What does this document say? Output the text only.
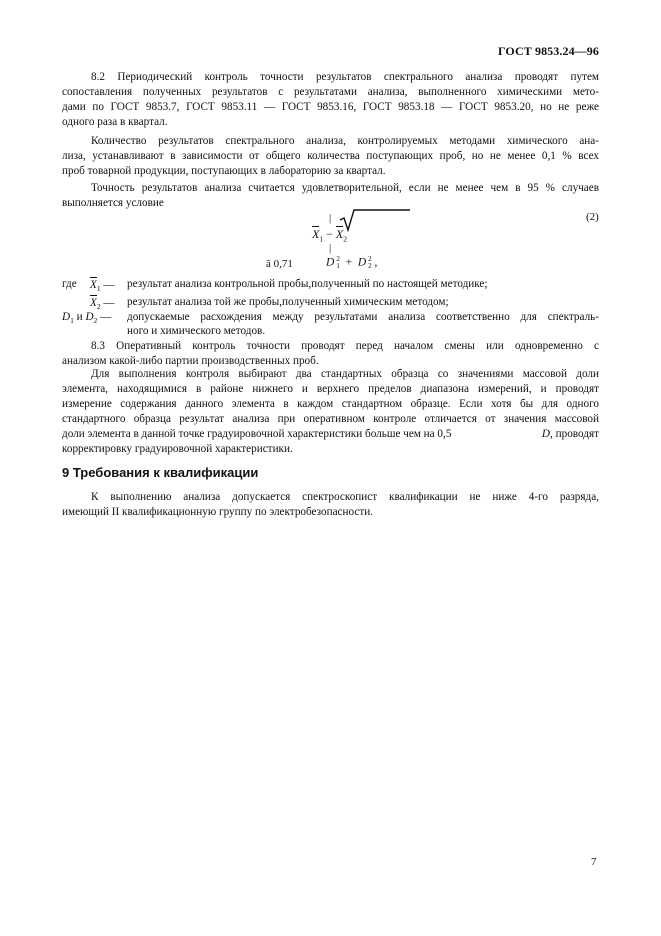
ГОСТ 9853.24—96
8.2 Периодический контроль точности результатов спектрального анализа проводят путем
сопоставления полученных результатов с результатами анализа, выполненного химическими мето-
дами по ГОСТ 9853.7, ГОСТ 9853.11 — ГОСТ 9853.16, ГОСТ 9853.18 — ГОСТ 9853.20, но не реже
одного раза в квартал.
Количество результатов спектрального анализа, контролируемых методами химического ана-
лиза, устанавливают в зависимости от общего количества поступающих проб, но не менее 0,1 % всех
проб товарной продукции, поступающих в лабораторию за квартал.
Точность результатов анализа считается удовлетворительной, если не менее чем в 95 % случаев
выполняется условие
|
$X_1 - X_2$
|
ã 0,71	D 2
1 + D 2
2 ,
(2)
где $X_1$ — результат анализа контрольной пробы,полученный по настоящей методике;
$X_2$ — результат анализа той же пробы,полученный химическим методом;
$D_1$ и $D_2$ — допускаемые расхождения между результатами анализа соответственно для спектраль-
ного и химического методов.
8.3 Оперативный контроль точности проводят перед началом смены или одновременно с
анализом какой-либо партии производственных проб.
Для выполнения контроля выбирают два стандартных образца со значениями массовой доли
элемента, находящимися в районе нижнего и верхнего пределов диапазона измерений, и проводят
измерение содержания данного элемента в каждом стандартном образце. Если хотя бы для одного
стандартного образца результат анализа при оперативном контроле отличается от значения массовой
доли элемента в данной точке градуировочной характеристики больше чем на 0,5	D, проводят
корректировку градуировочной характеристики.
9 Требования к квалификации
К выполнению анализа допускается спектроскопист квалификации не ниже 4-го разряда,
имеющий II квалификационную группу по электробезопасности.
7
